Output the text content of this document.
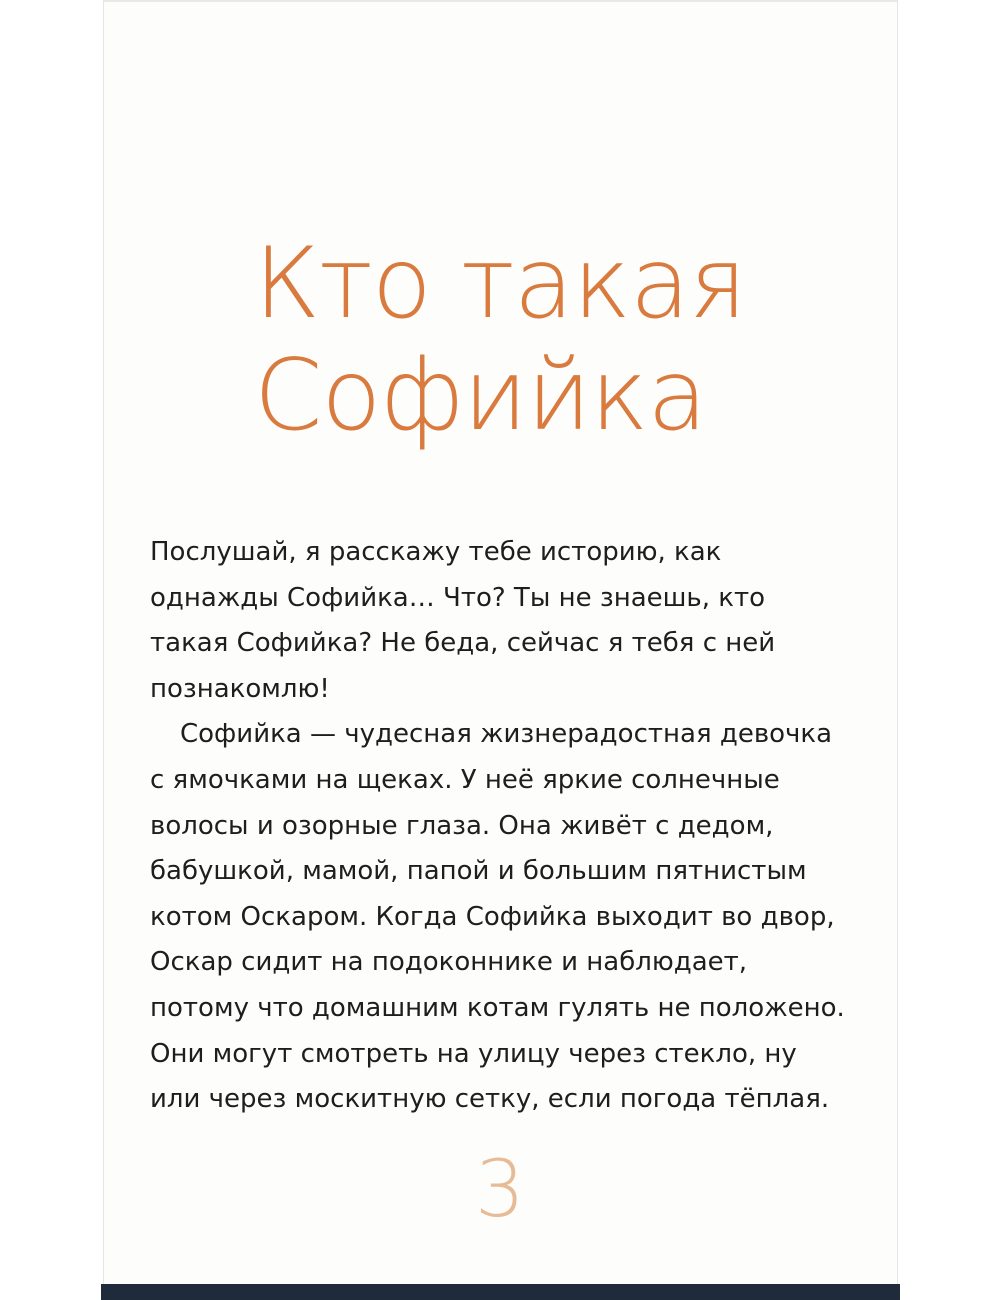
Кто такая
Софийка

Послушай, я расскажу тебе историю, как однажды Софийка… Что? Ты не знаешь, кто такая Софийка? Не беда, сейчас я тебя с ней познакомлю!

Софийка — чудесная жизнерадостная девочка с ямочками на щеках. У неё яркие солнечные волосы и озорные глаза. Она живёт с дедом, бабушкой, мамой, папой и большим пятнистым котом Оскаром. Когда Софийка выходит во двор, Оскар сидит на подоконнике и наблюдает, потому что домашним котам гулять не положено. Они могут смотреть на улицу через стекло, ну или через москитную сетку, если погода тёплая.

3
